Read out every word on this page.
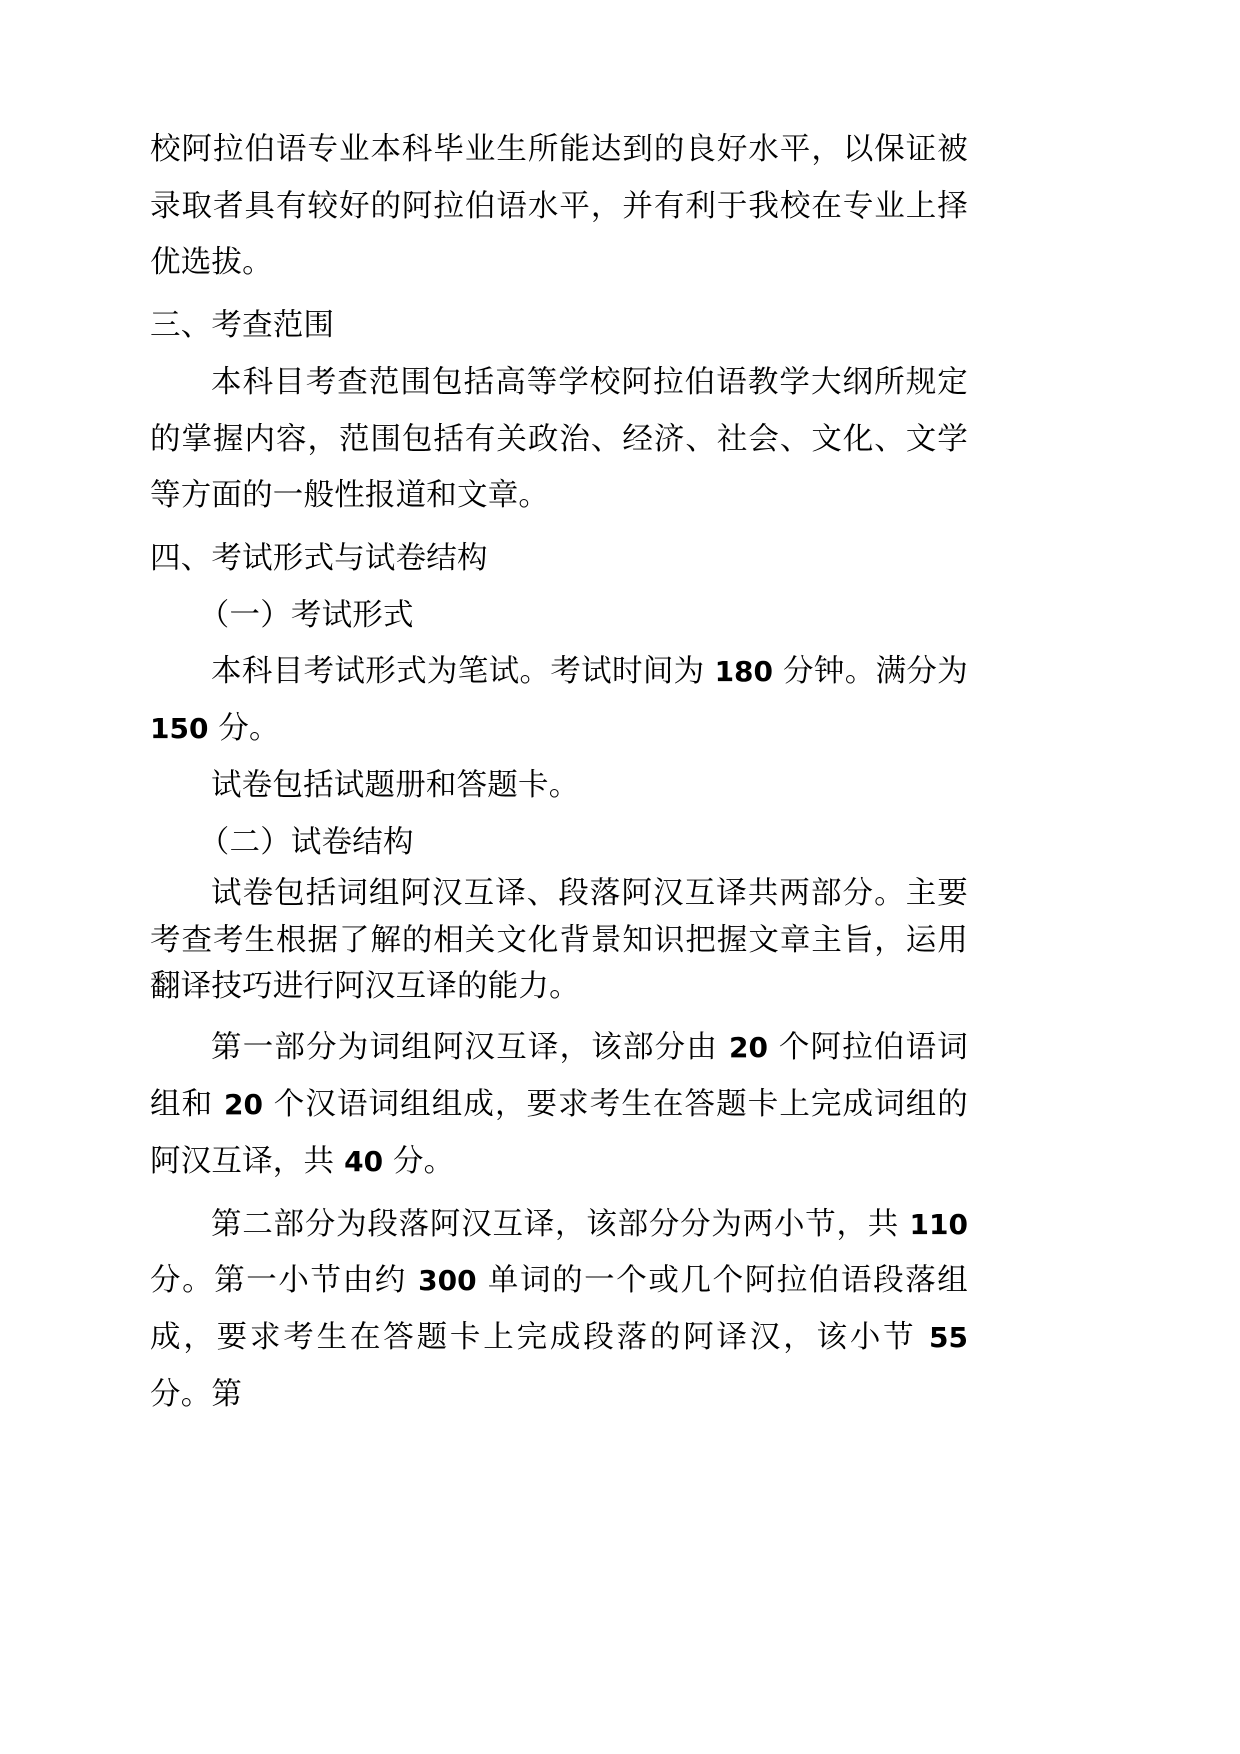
校阿拉伯语专业本科毕业生所能达到的良好水平，以保证被录取者具有较好的阿拉伯语水平，并有利于我校在专业上择优选拔。

三、考查范围

本科目考查范围包括高等学校阿拉伯语教学大纲所规定的掌握内容，范围包括有关政治、经济、社会、文化、文学等方面的一般性报道和文章。

四、考试形式与试卷结构

（一）考试形式

本科目考试形式为笔试。考试时间为 180 分钟。满分为 150 分。

试卷包括试题册和答题卡。

（二）试卷结构

试卷包括词组阿汉互译、段落阿汉互译共两部分。主要考查考生根据了解的相关文化背景知识把握文章主旨，运用翻译技巧进行阿汉互译的能力。

第一部分为词组阿汉互译，该部分由 20 个阿拉伯语词组和 20 个汉语词组组成，要求考生在答题卡上完成词组的阿汉互译，共 40 分。

第二部分为段落阿汉互译，该部分分为两小节，共 110 分。第一小节由约 300 单词的一个或几个阿拉伯语段落组成，要求考生在答题卡上完成段落的阿译汉，该小节 55 分。第
